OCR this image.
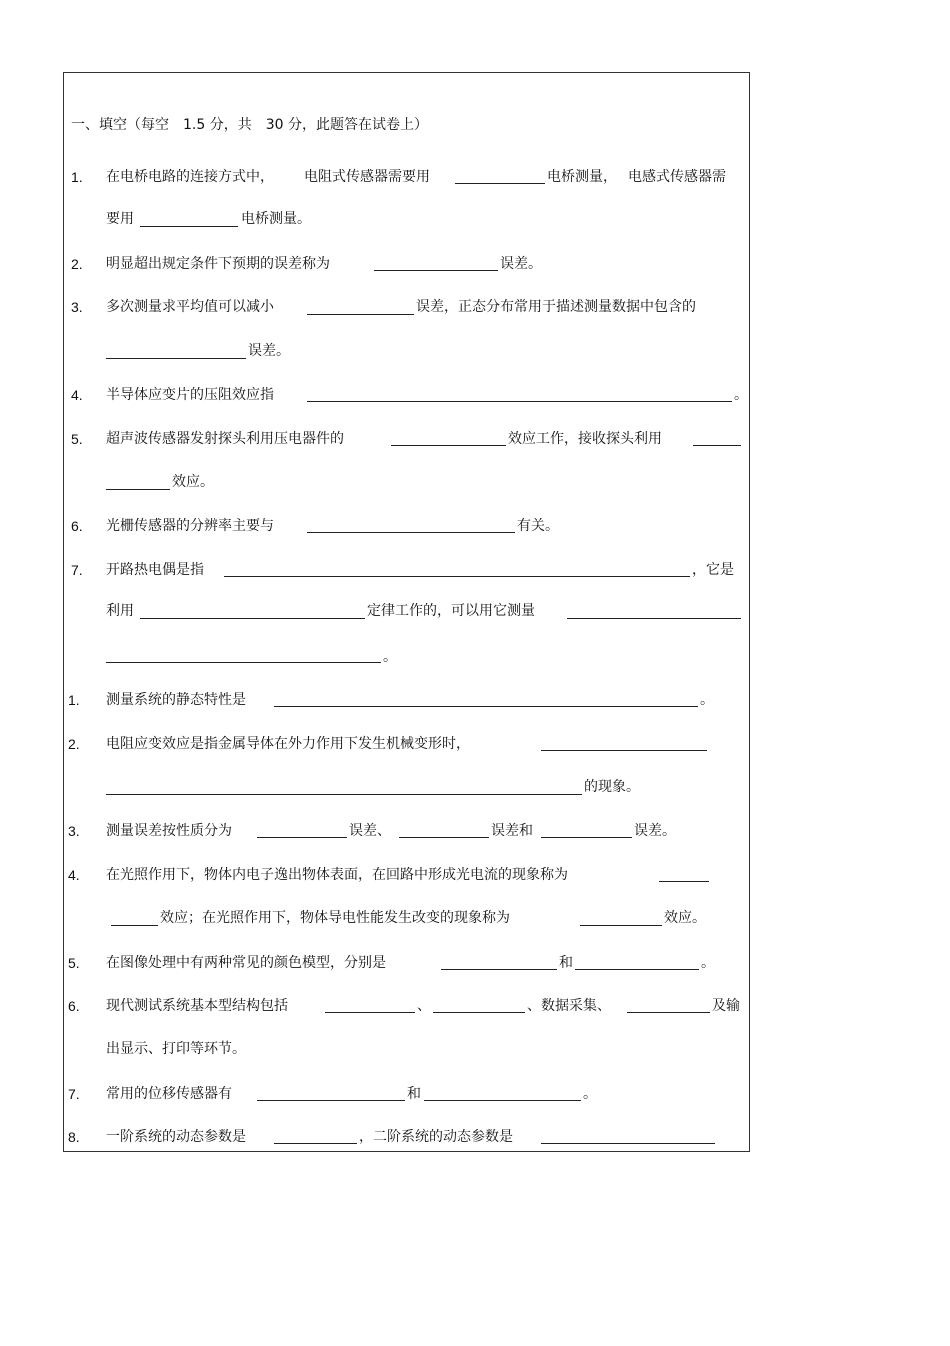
一、填空（每空　1.5 分，共　30 分，此题答在试卷上）
1. 在电桥电路的连接方式中， 电阻式传感器需要用	电桥测量， 电感式传感器需
要用	电桥测量。
2. 明显超出规定条件下预期的误差称为	误差。
3. 多次测量求平均值可以减小	误差，正态分布常用于描述测量数据中包含的
误差。
4. 半导体应变片的压阻效应指	。
5. 超声波传感器发射探头利用压电器件的	效应工作，接收探头利用
效应。
6. 光栅传感器的分辨率主要与	有关。
7. 开路热电偶是指	，它是
利用	定律工作的，可以用它测量
。
1. 测量系统的静态特性是	。
2. 电阻应变效应是指金属导体在外力作用下发生机械变形时，
的现象。
3. 测量误差按性质分为	误差、	误差和	误差。
4. 在光照作用下，物体内电子逸出物体表面，在回路中形成光电流的现象称为
效应；在光照作用下，物体导电性能发生改变的现象称为	效应。
5. 在图像处理中有两种常见的颜色模型，分别是	和	。
6. 现代测试系统基本型结构包括	、	、数据采集、	及输
出显示、打印等环节。
7. 常用的位移传感器有	和	。
8. 一阶系统的动态参数是	，二阶系统的动态参数是
